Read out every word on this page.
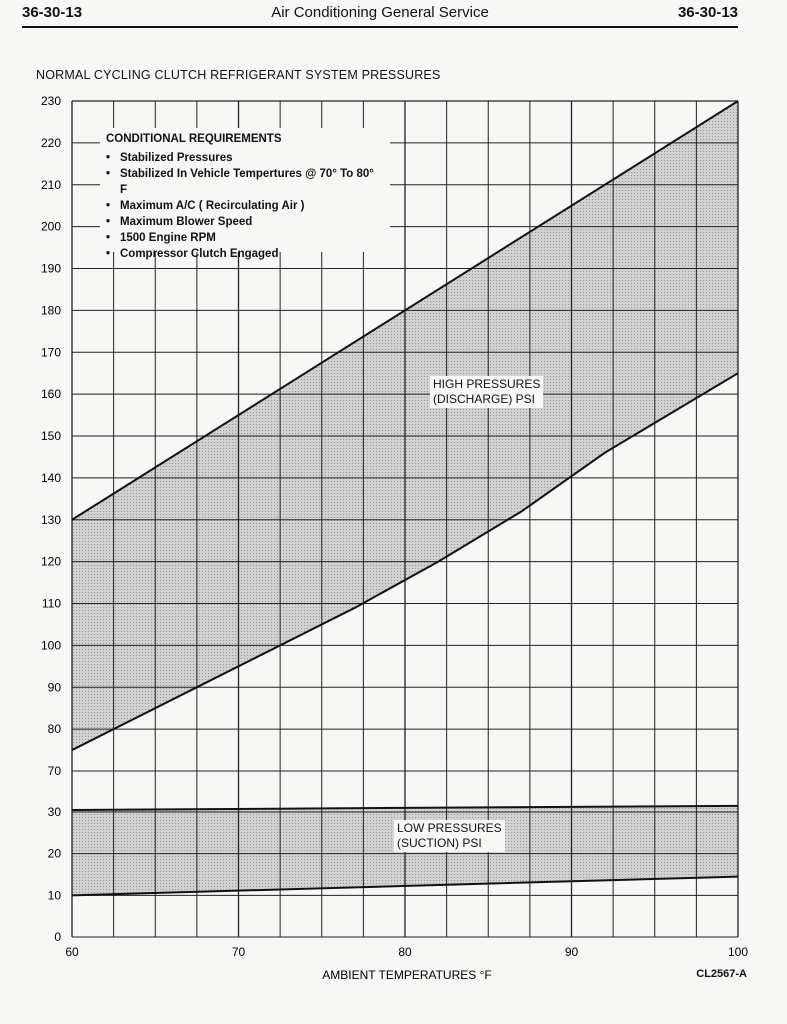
36-30-13	Air Conditioning General Service	36-30-13
NORMAL CYCLING CLUTCH REFRIGERANT SYSTEM PRESSURES
0
10
20
30
70
80
90
100
110
120
130
140
150
160
170
180
190
200
210
220
230
60	70	80	90	100
AMBIENT TEMPERATURES °F
CONDITIONAL REQUIREMENTS
• Stabilized Pressures
• Stabilized In Vehicle Tempertures @ 70° To 80° F
• Maximum A/C ( Recirculating Air )
• Maximum Blower Speed
• 1500 Engine RPM
• Compressor Clutch Engaged
HIGH PRESSURES
(DISCHARGE) PSI
LOW PRESSURES
(SUCTION) PSI
CL2567-A
